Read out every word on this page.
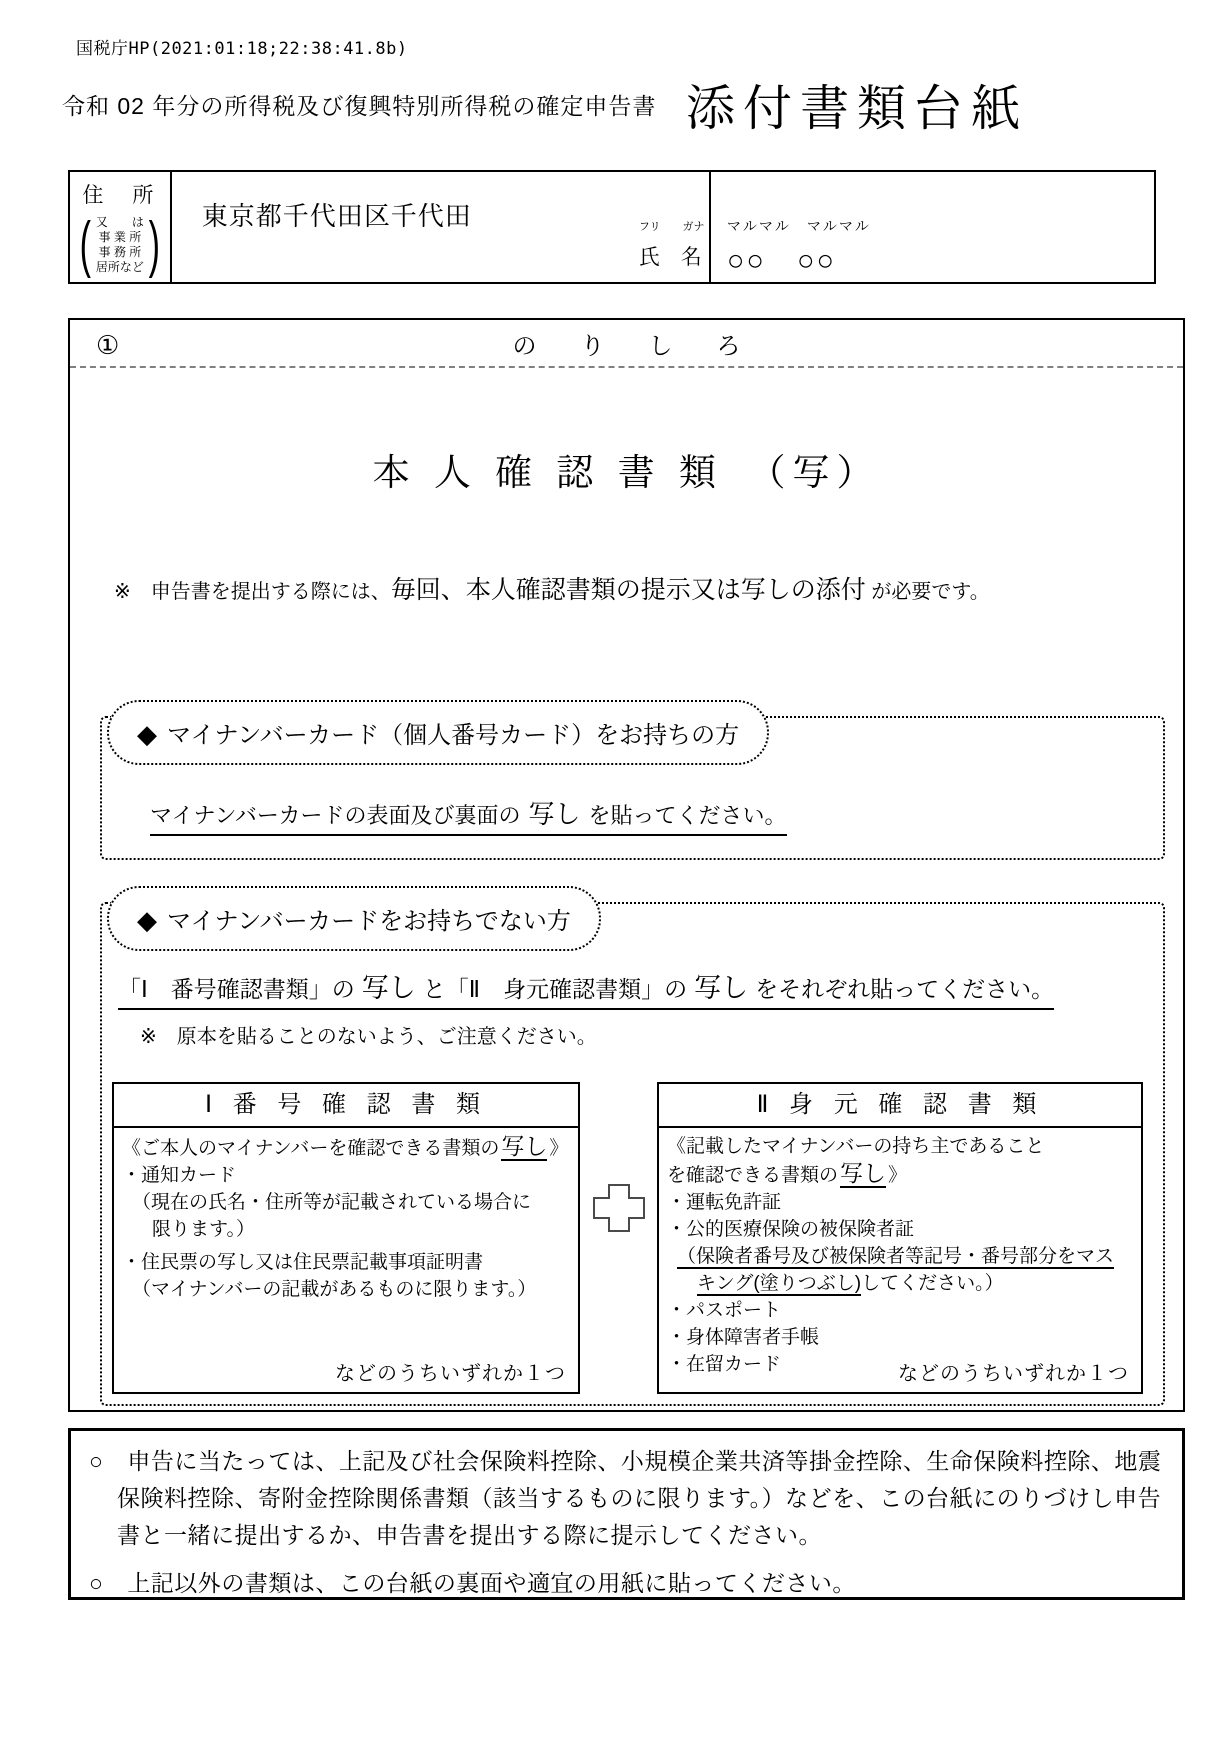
国税庁HP(2021:01:18;22:38:41.8b)
令和 02 年分の所得税及び復興特別所得税の確定申告書 添付書類台紙
住　所
( 又　　は
事 業 所
事 務 所
居所など )	東京都千代田区千代田	フリ　　ガナ
氏　名
マルマル　マルマル
○○　○○
①	の　り　し　ろ
本 人 確 認 書 類　（写）
※ 申告書を提出する際には、毎回、本人確認書類の提示又は写しの添付 が必要です。
◆ マイナンバーカード（個人番号カード）をお持ちの方
マイナンバーカードの表面及び裏面の 写し を貼ってください。
◆ マイナンバーカードをお持ちでない方
「Ⅰ　番号確認書類」の 写し と「Ⅱ　身元確認書類」の 写し をそれぞれ貼ってください。
※　原本を貼ることのないよう、ご注意ください。
Ⅰ 番 号 確 認 書 類
《ご本人のマイナンバーを確認できる書類の写し 》
・通知カード
（現在の氏名・住所等が記載されている場合に
限ります。）
・住民票の写し又は住民票記載事項証明書
（マイナンバーの記載があるものに限ります。）
などのうちいずれか１つ
Ⅱ 身 元 確 認 書 類
《記載したマイナンバーの持ち主であること
を確認できる書類の写し 》
・運転免許証
・公的医療保険の被保険者証
（保険者番号及び被保険者等記号・番号部分をマス
キング(塗りつぶし)してください。）
・パスポート
・身体障害者手帳
・在留カード	などのうちいずれか１つ

○ 申告に当たっては、上記及び社会保険料控除、小規模企業共済等掛金控除、生命保険料控除、地震保険料控除、寄附金控除関係書類（該当するものに限ります。）などを、この台紙にのりづけし申告書と一緒に提出するか、申告書を提出する際に提示してください。

○ 上記以外の書類は、この台紙の裏面や適宜の用紙に貼ってください。
